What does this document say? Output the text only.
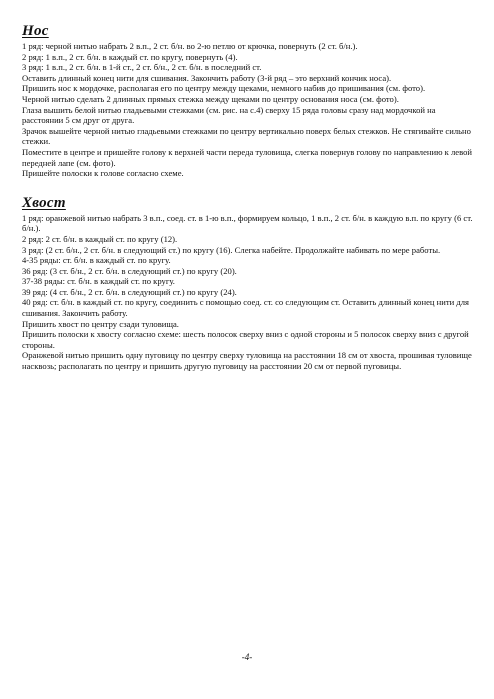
Нос

1 ряд: черной нитью набрать 2 в.п., 2 ст. б/н. во 2-ю петлю от крючка, повернуть (2 ст. б/н.).

2 ряд: 1 в.п., 2 ст. б/н. в каждый ст. по кругу, повернуть (4).

3 ряд: 1 в.п., 2 ст. б/н. в 1-й ст., 2 ст. б/н., 2 ст. б/н. в последний ст.

Оставить длинный конец нити для сшивания. Закончить работу (3-й ряд – это верхний кончик носа).

Пришить нос к мордочке, располагая его по центру между щеками, немного набив до пришивания (см. фото).

Черной нитью сделать 2 длинных прямых стежка между щеками по центру основания носа (см. фото).

Глаза вышить белой нитью гладьевыми стежками (см. рис. на с.4) сверху 15 ряда головы сразу над мордочкой на расстоянии 5 см друг от друга.

Зрачок вышейте черной нитью гладьевыми стежками по центру вертикально поверх белых стежков. Не стягивайте сильно стежки.

Поместите в центре и пришейте голову к верхней части переда туловища, слегка повернув голову по направлению к левой передней лапе (см. фото).

Пришейте полоски к голове согласно схеме.

Хвост

1 ряд: оранжевой нитью набрать 3 в.п., соед. ст. в 1-ю в.п., формируем кольцо, 1 в.п., 2 ст. б/н. в каждую в.п. по кругу (6 ст. б/н.).

2 ряд: 2 ст. б/н. в каждый ст. по кругу (12).

3 ряд: (2 ст. б/н., 2 ст. б/н. в следующий ст.) по кругу (16). Слегка набейте. Продолжайте набивать по мере работы.

4-35 ряды: ст. б/н. в каждый ст. по кругу.

36 ряд: (3 ст. б/н., 2 ст. б/н. в следующий ст.) по кругу (20).

37-38 ряды: ст. б/н. в каждый ст. по кругу.

39 ряд: (4 ст. б/н., 2 ст. б/н. в следующий ст.) по кругу (24).

40 ряд: ст. б/н. в каждый ст. по кругу, соединить с помощью соед. ст. со следующим ст. Оставить длинный конец нити для сшивания. Закончить работу.

Пришить хвост по центру сзади туловища.

Пришить полоски к хвосту согласно схеме: шесть полосок сверху вниз с одной стороны и 5 полосок сверху вниз с другой стороны.

Оранжевой нитью пришить одну пуговицу по центру сверху туловища на расстоянии 18 см от хвоста, прошивая туловище насквозь; располагать по центру и пришить другую пуговицу на расстоянии 20 см от первой пуговицы.

-4-
